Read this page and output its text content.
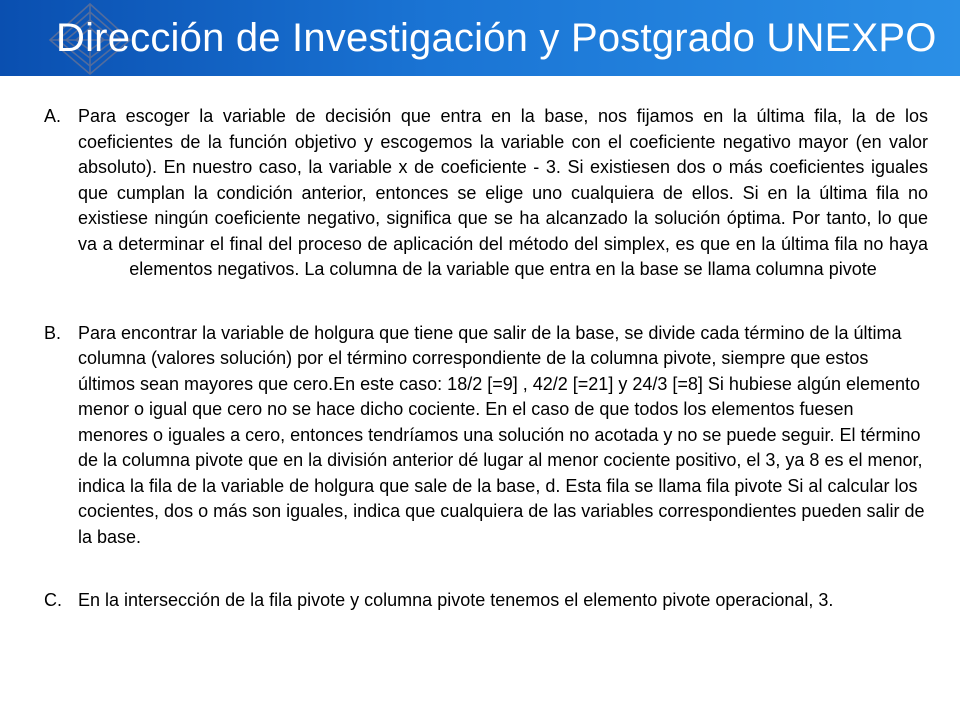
Dirección de Investigación y Postgrado UNEXPO
A. Para escoger la variable de decisión que entra en la base, nos fijamos en la última fila, la de los coeficientes de la función objetivo y escogemos la variable con el coeficiente negativo mayor (en valor absoluto). En nuestro caso, la variable x de coeficiente - 3. Si existiesen dos o más coeficientes iguales que cumplan la condición anterior, entonces se elige uno cualquiera de ellos. Si en la última fila no existiese ningún coeficiente negativo, significa que se ha alcanzado la solución óptima. Por tanto, lo que va a determinar el final del proceso de aplicación del método del simplex, es que en la última fila no haya elementos negativos. La columna de la variable que entra en la base se llama columna pivote
B. Para encontrar la variable de holgura que tiene que salir de la base, se divide cada término de la última columna (valores solución) por el término correspondiente de la columna pivote, siempre que estos últimos sean mayores que cero.En este caso: 18/2 [=9] , 42/2 [=21] y 24/3 [=8] Si hubiese algún elemento menor o igual que cero no se hace dicho cociente. En el caso de que todos los elementos fuesen menores o iguales a cero, entonces tendríamos una solución no acotada y no se puede seguir. El término de la columna pivote que en la división anterior dé lugar al menor cociente positivo, el 3, ya 8 es el menor, indica la fila de la variable de holgura que sale de la base, d. Esta fila se llama fila pivote Si al calcular los cocientes, dos o más son iguales, indica que cualquiera de las variables correspondientes pueden salir de la base.
C. En la intersección de la fila pivote y columna pivote tenemos el elemento pivote operacional, 3.
